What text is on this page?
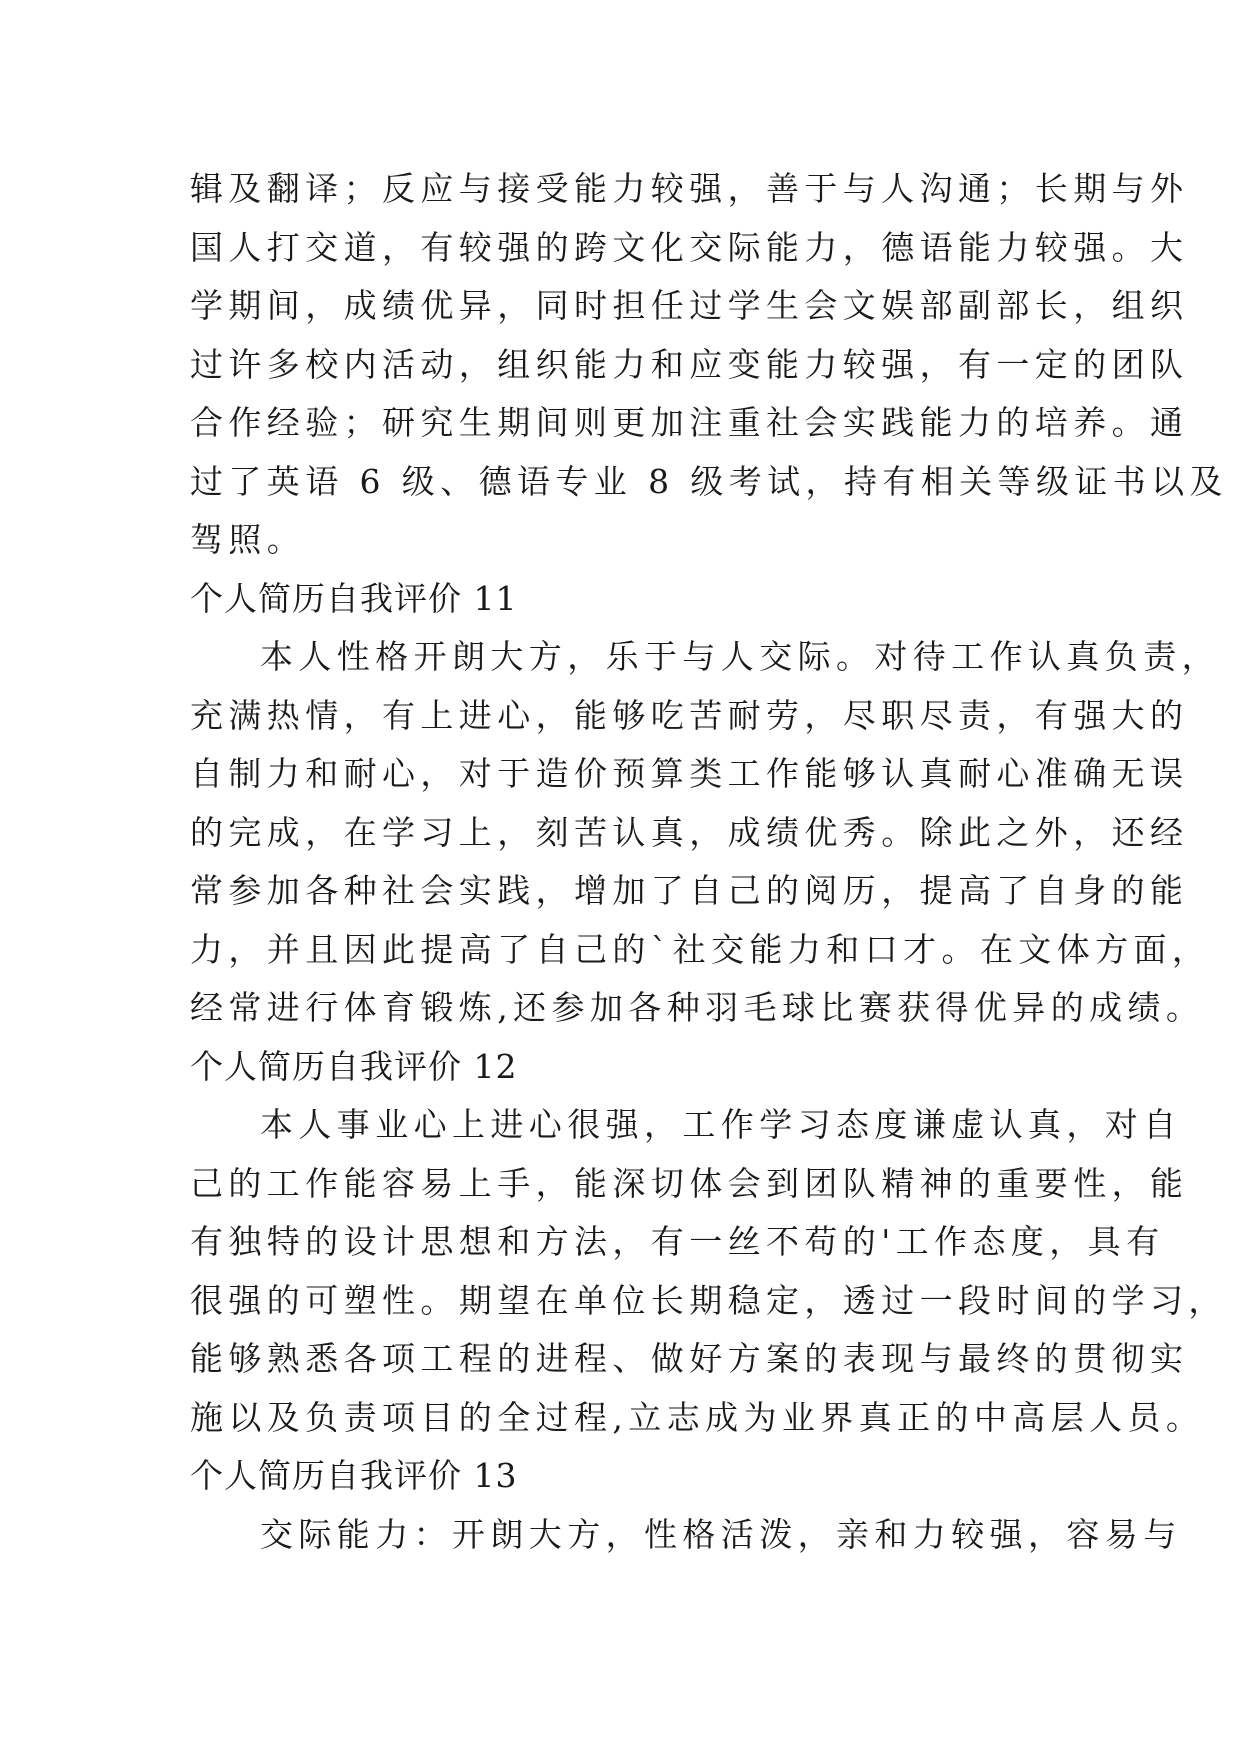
辑及翻译；反应与接受能力较强，善于与人沟通；长期与外
国人打交道，有较强的跨文化交际能力，德语能力较强。大
学期间，成绩优异，同时担任过学生会文娱部副部长，组织
过许多校内活动，组织能力和应变能力较强，有一定的团队
合作经验；研究生期间则更加注重社会实践能力的培养。通
过了英语 6 级、德语专业 8 级考试，持有相关等级证书以及
驾照。
个人简历自我评价 11
本人性格开朗大方，乐于与人交际。对待工作认真负责，
充满热情，有上进心，能够吃苦耐劳，尽职尽责，有强大的
自制力和耐心，对于造价预算类工作能够认真耐心准确无误
的完成，在学习上，刻苦认真，成绩优秀。除此之外，还经
常参加各种社会实践，增加了自己的阅历，提高了自身的能
力，并且因此提高了自己的`社交能力和口才。在文体方面，
经常进行体育锻炼,还参加各种羽毛球比赛获得优异的成绩。
个人简历自我评价 12
本人事业心上进心很强，工作学习态度谦虚认真，对自
己的工作能容易上手，能深切体会到团队精神的重要性，能
有独特的设计思想和方法，有一丝不苟的'工作态度，具有
很强的可塑性。期望在单位长期稳定，透过一段时间的学习，
能够熟悉各项工程的进程、做好方案的表现与最终的贯彻实
施以及负责项目的全过程,立志成为业界真正的中高层人员。
个人简历自我评价 13
交际能力：开朗大方，性格活泼，亲和力较强，容易与
